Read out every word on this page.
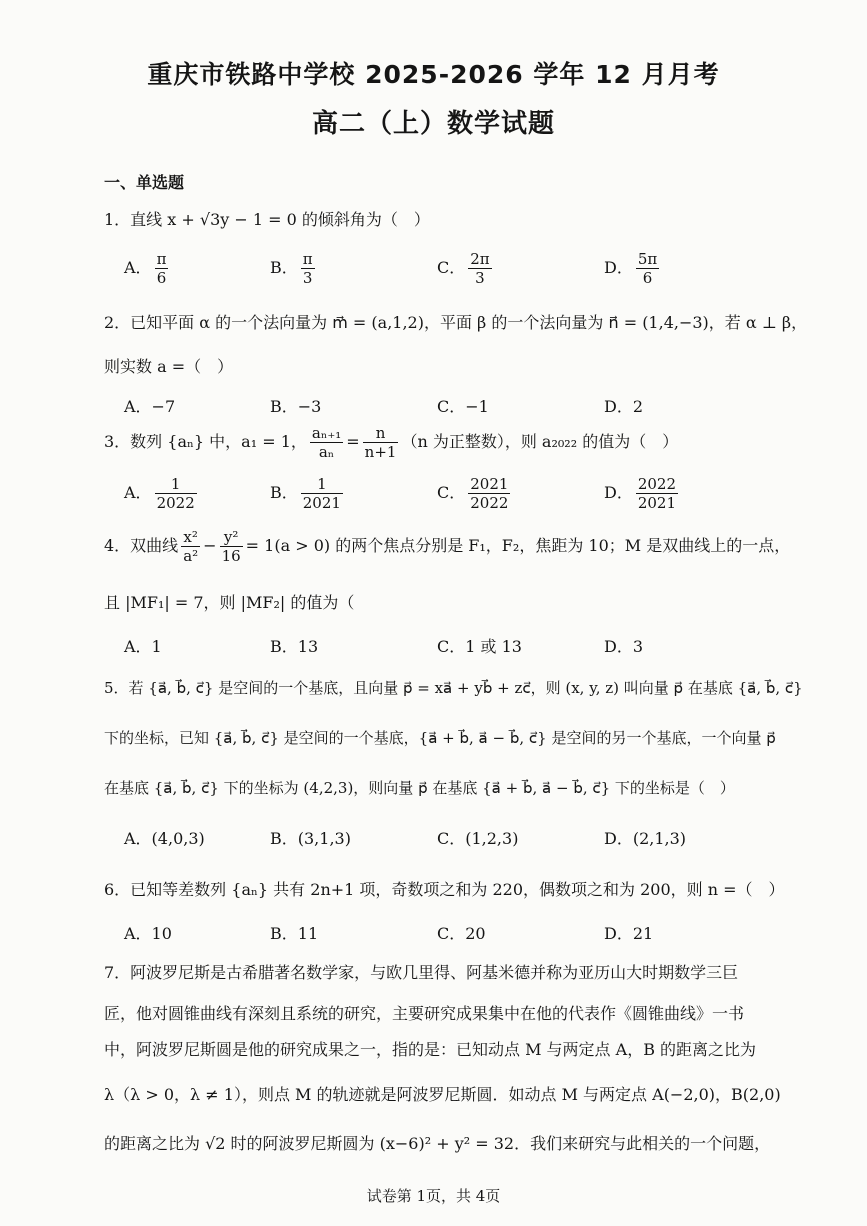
重庆市铁路中学校 2025-2026 学年 12 月月考
高二（上）数学试题
一、单选题
1．直线 x + √3y − 1 = 0 的倾斜角为（　）
A． $\frac{\pi}{6}$	B． $\frac{\pi}{3}$	C． $\frac{2\pi}{3}$	D． $\frac{5\pi}{6}$
2．已知平面 α 的一个法向量为 m⃗ = (a,1,2)，平面 β 的一个法向量为 n⃗ = (1,4,−3)，若 α ⊥ β，
则实数 a =（　）
A．−7	B．−3	C．−1	D．2
3．数列 {aₙ} 中，a₁ = 1， $\frac{\text{aₙ₊₁}}{\text{aₙ}} = \frac{n}{n+1} (n$ 为正整数），则 a₂₀₂₂ 的值为（　）
A． $\frac{1}{2022}$	B． $\frac{1}{2021}$	C． $\frac{2021}{2022}$	D． $\frac{2022}{2021}$
4．双曲线 $\frac{\text{x²}}{\text{a²}} - \frac{\text{y²}}{16} = 1(a > 0)$ 的两个焦点分别是 F₁，F₂，焦距为 10；M 是双曲线上的一点，
且 |MF₁| = 7，则 |MF₂| 的值为（
A．1	B．13	C．1 或 13	D．3
5．若 {a⃗, b⃗, c⃗} 是空间的一个基底，且向量 p⃗ = xa⃗ + yb⃗ + zc⃗，则 (x, y, z) 叫向量 p⃗ 在基底 {a⃗, b⃗, c⃗}
下的坐标，已知 {a⃗, b⃗, c⃗} 是空间的一个基底，{a⃗ + b⃗, a⃗ − b⃗, c⃗} 是空间的另一个基底，一个向量 p⃗
在基底 {a⃗, b⃗, c⃗} 下的坐标为 (4,2,3)，则向量 p⃗ 在基底 {a⃗ + b⃗, a⃗ − b⃗, c⃗} 下的坐标是（　）
A．(4,0,3)	B．(3,1,3)	C．(1,2,3)	D．(2,1,3)
6．已知等差数列 {aₙ} 共有 2n+1 项，奇数项之和为 220，偶数项之和为 200，则 n =（　）
A．10	B．11	C．20	D．21
7．阿波罗尼斯是古希腊著名数学家，与欧几里得、阿基米德并称为亚历山大时期数学三巨
匠，他对圆锥曲线有深刻且系统的研究，主要研究成果集中在他的代表作《圆锥曲线》一书
中，阿波罗尼斯圆是他的研究成果之一，指的是：已知动点 M 与两定点 A，B 的距离之比为
λ（λ > 0，λ ≠ 1），则点 M 的轨迹就是阿波罗尼斯圆．如动点 M 与两定点 A(−2,0)，B(2,0)
的距离之比为 √2 时的阿波罗尼斯圆为 (x−6)² + y² = 32．我们来研究与此相关的一个问题，
试卷第 1页，共 4页
